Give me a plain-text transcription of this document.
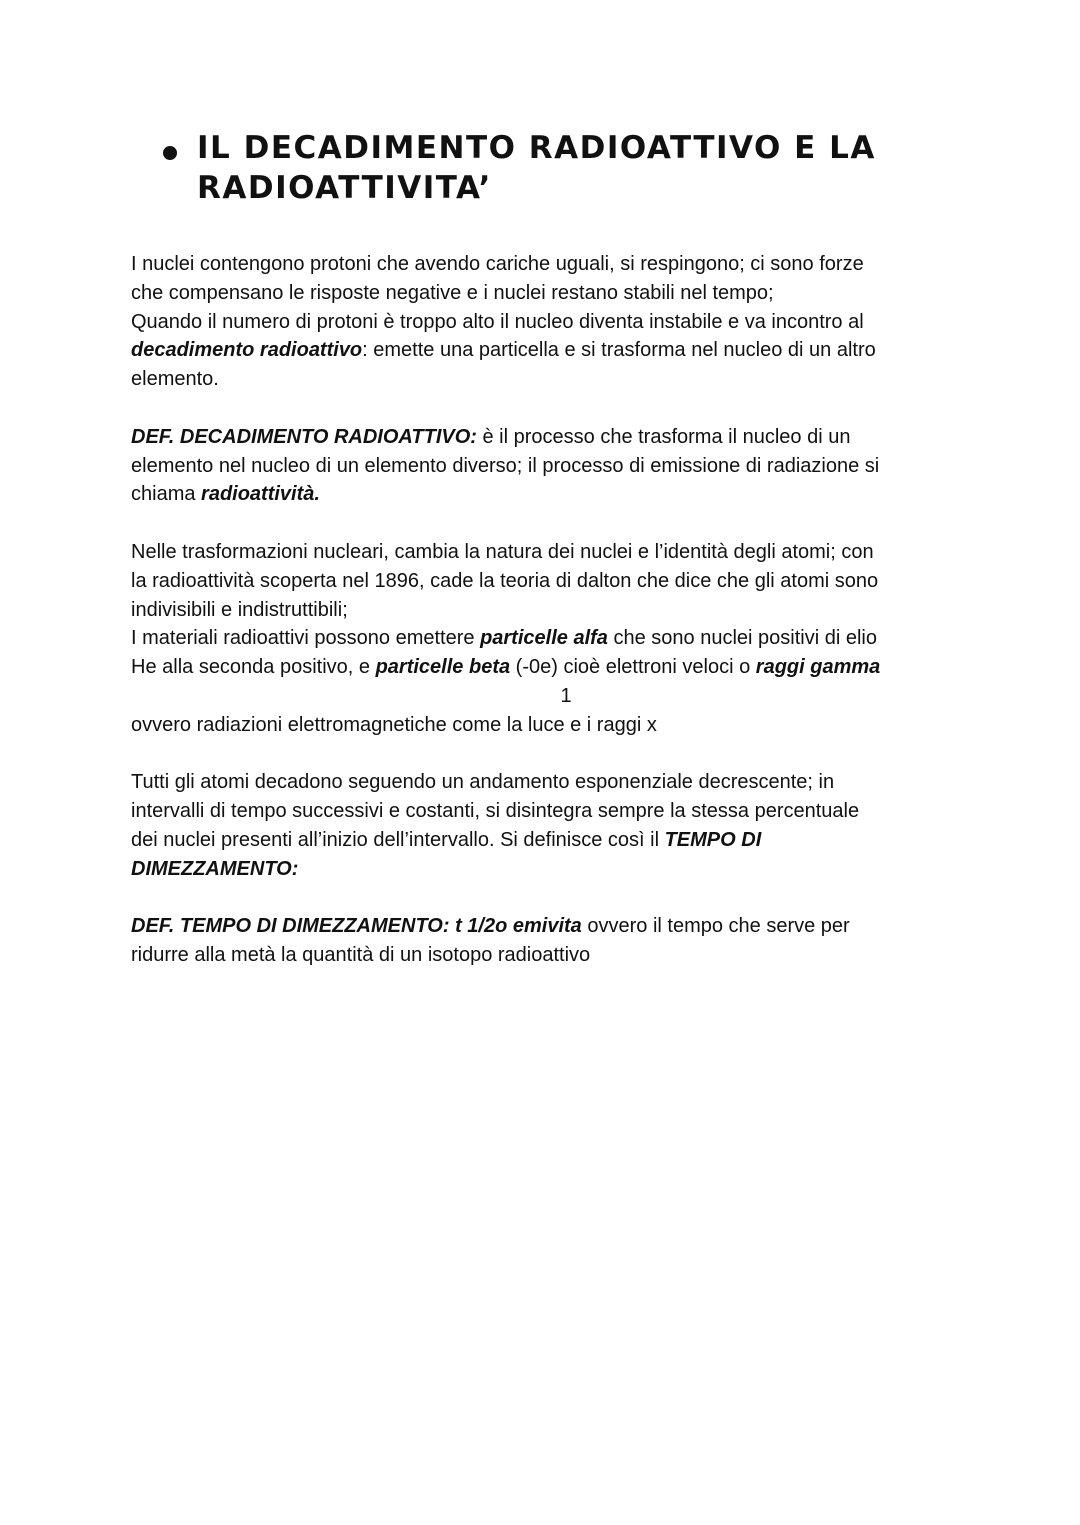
IL DECADIMENTO RADIOATTIVO E LA
RADIOATTIVITA’
I nuclei contengono protoni che avendo cariche uguali, si respingono; ci sono forze
che compensano le risposte negative e i nuclei restano stabili nel tempo;
Quando il numero di protoni è troppo alto il nucleo diventa instabile e va incontro al
decadimento radioattivo: emette una particella e si trasforma nel nucleo di un altro
elemento.
DEF. DECADIMENTO RADIOATTIVO: è il processo che trasforma il nucleo di un
elemento nel nucleo di un elemento diverso; il processo di emissione di radiazione si
chiama radioattività.
Nelle trasformazioni nucleari, cambia la natura dei nuclei e l’identità degli atomi; con
la radioattività scoperta nel 1896, cade la teoria di dalton che dice che gli atomi sono
indivisibili e indistruttibili;
I materiali radioattivi possono emettere particelle alfa che sono nuclei positivi di elio
He alla seconda positivo, e particelle beta (-0e) cioè elettroni veloci o raggi gamma
1
ovvero radiazioni elettromagnetiche come la luce e i raggi x
Tutti gli atomi decadono seguendo un andamento esponenziale decrescente; in
intervalli di tempo successivi e costanti, si disintegra sempre la stessa percentuale
dei nuclei presenti all’inizio dell’intervallo. Si definisce così il TEMPO DI
DIMEZZAMENTO:
DEF. TEMPO DI DIMEZZAMENTO: t 1/2o emivita ovvero il tempo che serve per
ridurre alla metà la quantità di un isotopo radioattivo
